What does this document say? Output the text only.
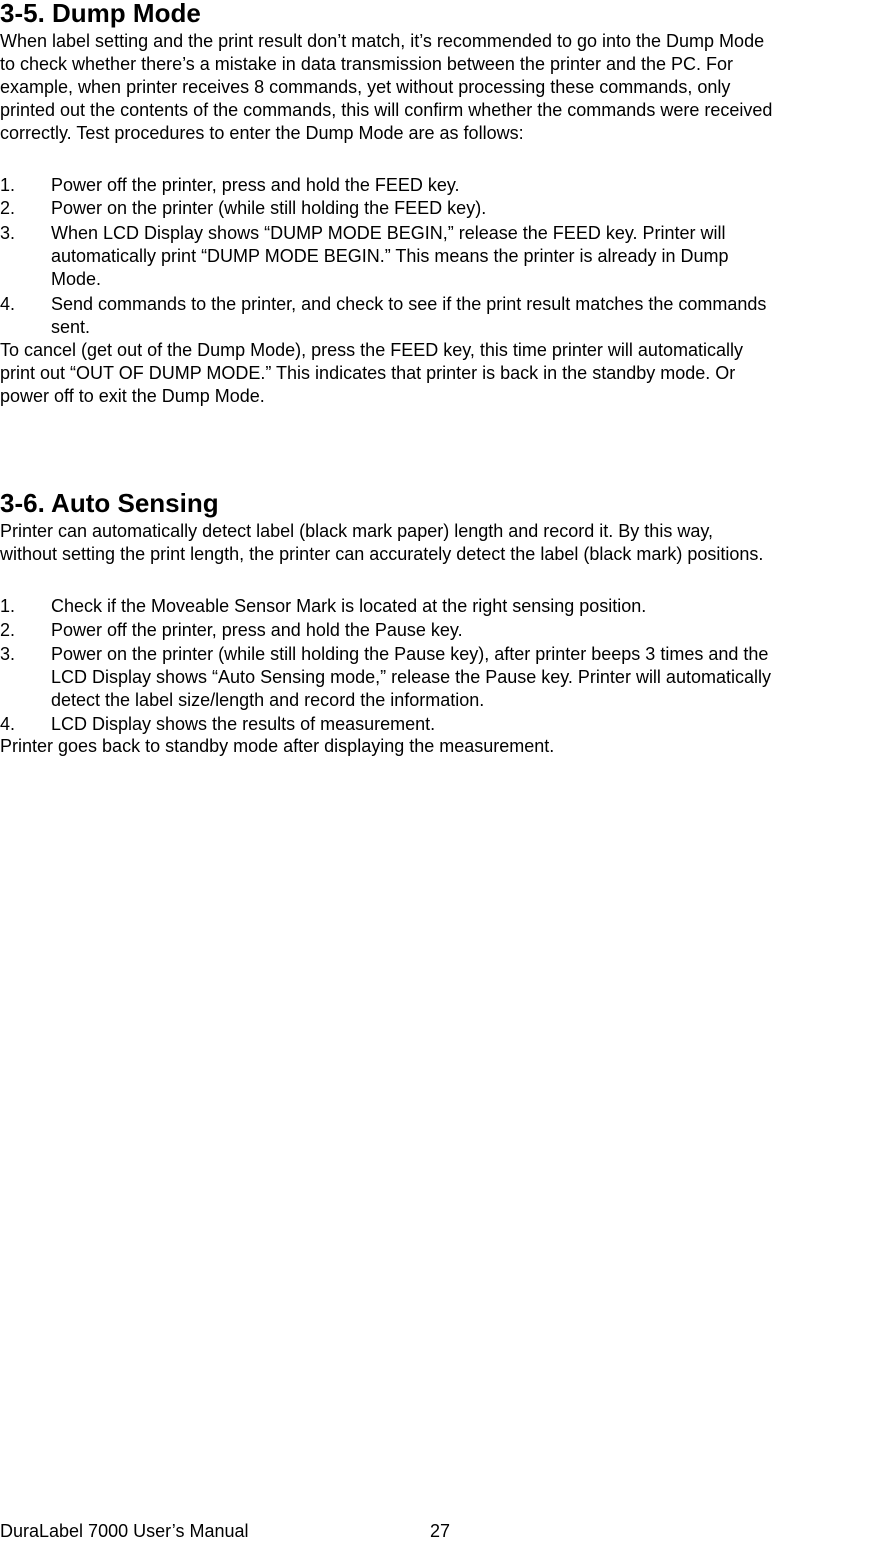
3-5. Dump Mode

When label setting and the print result don’t match, it’s recommended to go into the Dump Mode
to check whether there’s a mistake in data transmission between the printer and the PC. For
example, when printer receives 8 commands, yet without processing these commands, only
printed out the contents of the commands, this will confirm whether the commands were received
correctly. Test procedures to enter the Dump Mode are as follows:

1.	Power off the printer, press and hold the FEED key.
2.	Power on the printer (while still holding the FEED key).
3.	When LCD Display shows “DUMP MODE BEGIN,” release the FEED key. Printer will
automatically print “DUMP MODE BEGIN.” This means the printer is already in Dump
Mode.
4.	Send commands to the printer, and check to see if the print result matches the commands
sent.

To cancel (get out of the Dump Mode), press the FEED key, this time printer will automatically
print out “OUT OF DUMP MODE.” This indicates that printer is back in the standby mode. Or
power off to exit the Dump Mode.

3-6. Auto Sensing

Printer can automatically detect label (black mark paper) length and record it. By this way,
without setting the print length, the printer can accurately detect the label (black mark) positions.

1.	Check if the Moveable Sensor Mark is located at the right sensing position.
2.	Power off the printer, press and hold the Pause key.
3.	Power on the printer (while still holding the Pause key), after printer beeps 3 times and the
LCD Display shows “Auto Sensing mode,” release the Pause key. Printer will automatically
detect the label size/length and record the information.
4.	LCD Display shows the results of measurement.

Printer goes back to standby mode after displaying the measurement.

DuraLabel 7000 User’s Manual	27
